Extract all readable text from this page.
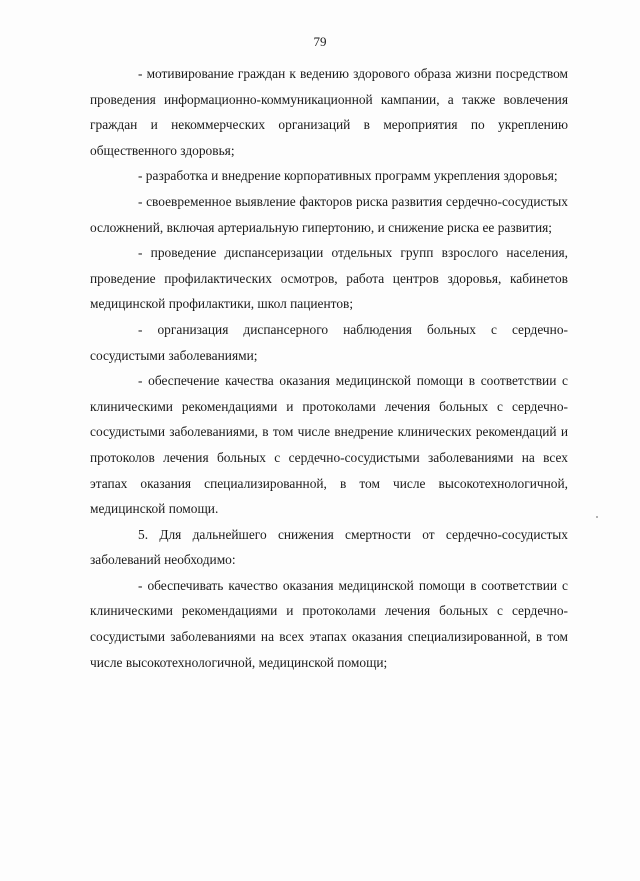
79

- мотивирование граждан к ведению здорового образа жизни посредством проведения информационно-коммуникационной кампании, а также вовлечения граждан и некоммерческих организаций в мероприятия по укреплению общественного здоровья;

- разработка и внедрение корпоративных программ укрепления здоровья;

- своевременное выявление факторов риска развития сердечно-сосудистых осложнений, включая артериальную гипертонию, и снижение риска ее развития;

- проведение диспансеризации отдельных групп взрослого населения, проведение профилактических осмотров, работа центров здоровья, кабинетов медицинской профилактики, школ пациентов;

- организация диспансерного наблюдения больных с сердечно-сосудистыми заболеваниями;

- обеспечение качества оказания медицинской помощи в соответствии с клиническими рекомендациями и протоколами лечения больных с сердечно-сосудистыми заболеваниями, в том числе внедрение клинических рекомендаций и протоколов лечения больных с сердечно-сосудистыми заболеваниями на всех этапах оказания специализированной, в том числе высокотехнологичной, медицинской помощи.

5. Для дальнейшего снижения смертности от сердечно-сосудистых заболеваний необходимо:

- обеспечивать качество оказания медицинской помощи в соответствии с клиническими рекомендациями и протоколами лечения больных с сердечно-сосудистыми заболеваниями на всех этапах оказания специализированной, в том числе высокотехнологичной, медицинской помощи;
